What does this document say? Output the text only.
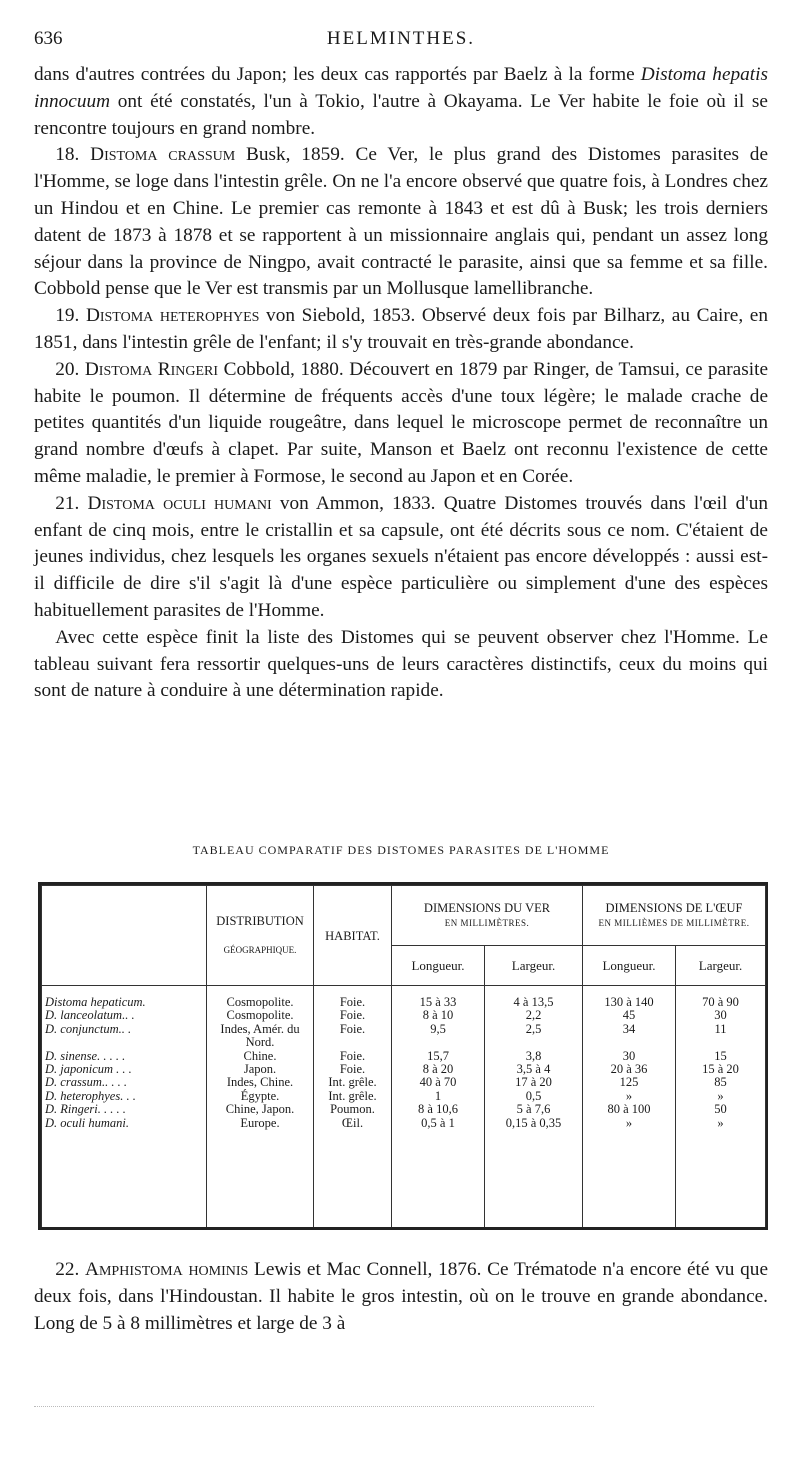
636	HELMINTHES.

dans d'autres contrées du Japon; les deux cas rapportés par Baelz à la forme Distoma hepatis innocuum ont été constatés, l'un à Tokio, l'autre à Okayama. Le Ver habite le foie où il se rencontre toujours en grand nombre.

18. Distoma crassum Busk, 1859. Ce Ver, le plus grand des Distomes parasites de l'Homme, se loge dans l'intestin grêle. On ne l'a encore observé que quatre fois, à Londres chez un Hindou et en Chine. Le premier cas remonte à 1843 et est dû à Busk; les trois derniers datent de 1873 à 1878 et se rapportent à un missionnaire anglais qui, pendant un assez long séjour dans la province de Ningpo, avait contracté le parasite, ainsi que sa femme et sa fille. Cobbold pense que le Ver est transmis par un Mollusque lamellibranche.

19. Distoma heterophyes von Siebold, 1853. Observé deux fois par Bilharz, au Caire, en 1851, dans l'intestin grêle de l'enfant; il s'y trouvait en très-grande abondance.

20. Distoma Ringeri Cobbold, 1880. Découvert en 1879 par Ringer, de Tamsui, ce parasite habite le poumon. Il détermine de fréquents accès d'une toux légère; le malade crache de petites quantités d'un liquide rougeâtre, dans lequel le microscope permet de reconnaître un grand nombre d'œufs à clapet. Par suite, Manson et Baelz ont reconnu l'existence de cette même maladie, le premier à Formose, le second au Japon et en Corée.

21. Distoma oculi humani von Ammon, 1833. Quatre Distomes trouvés dans l'œil d'un enfant de cinq mois, entre le cristallin et sa capsule, ont été décrits sous ce nom. C'étaient de jeunes individus, chez lesquels les organes sexuels n'étaient pas encore développés : aussi est-il difficile de dire s'il s'agit là d'une espèce particulière ou simplement d'une des espèces habituellement parasites de l'Homme.

Avec cette espèce finit la liste des Distomes qui se peuvent observer chez l'Homme. Le tableau suivant fera ressortir quelques-uns de leurs caractères distinctifs, ceux du moins qui sont de nature à conduire à une détermination rapide.

TABLEAU COMPARATIF DES DISTOMES PARASITES DE L'HOMME
	DISTRIBUTION

GÉOGRAPHIQUE.	HABITAT.	DIMENSIONS DU VER
EN MILLIMÈTRES.		DIMENSIONS DE L'ŒUF
EN MILLIÈMES DE MILLIMÈTRE.	
			Longueur.	Largeur.	Longueur.	Largeur.
Distoma hepaticum.	Cosmopolite.	Foie.	15 à 33	4 à 13,5	130 à 140	70 à 90
D. lanceolatum.. .	Cosmopolite.	Foie.	8 à 10	2,2	45	30
D. conjunctum.. .	Indes, Amér. du Nord.	Foie.	9,5	2,5	34	11
D. sinense. . . . .	Chine.	Foie.	15,7	3,8	30	15
D. japonicum . . .	Japon.	Foie.	8 à 20	3,5 à 4	20 à 36	15 à 20
D. crassum.. . . .	Indes, Chine.	Int. grêle.	40 à 70	17 à 20	125	85
D. heterophyes. . .	Égypte.	Int. grêle.	1	0,5	»	»
D. Ringeri. . . . .	Chine, Japon.	Poumon.	8 à 10,6	5 à 7,6	80 à 100	50
D. oculi humani.	Europe.	Œil.	0,5 à 1	0,15 à 0,35	»	»

22. Amphistoma hominis Lewis et Mac Connell, 1876. Ce Trématode n'a encore été vu que deux fois, dans l'Hindoustan. Il habite le gros intestin, où on le trouve en grande abondance. Long de 5 à 8 millimètres et large de 3 à
